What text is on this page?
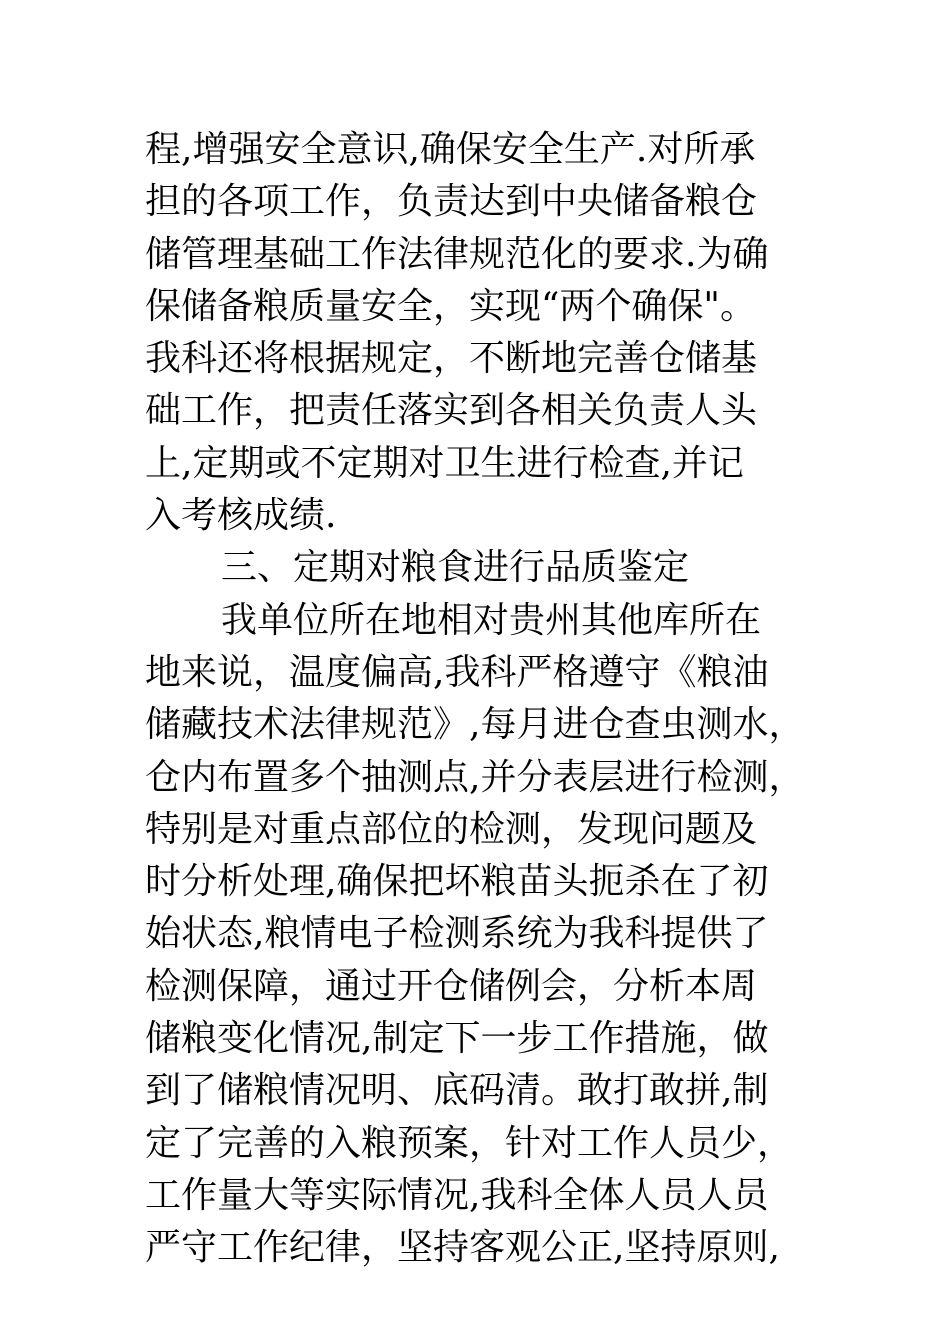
程,增强安全意识,确保安全生产.对所承
担的各项工作，负责达到中央储备粮仓
储管理基础工作法律规范化的要求.为确
保储备粮质量安全，实现“两个确保"。
我科还将根据规定，不断地完善仓储基
础工作，把责任落实到各相关负责人头
上,定期或不定期对卫生进行检查,并记
入考核成绩.
三、定期对粮食进行品质鉴定
我单位所在地相对贵州其他库所在
地来说，温度偏高,我科严格遵守《粮油
储藏技术法律规范》,每月进仓查虫测水，
仓内布置多个抽测点,并分表层进行检测，
特别是对重点部位的检测，发现问题及
时分析处理,确保把坏粮苗头扼杀在了初
始状态,粮情电子检测系统为我科提供了
检测保障，通过开仓储例会，分析本周
储粮变化情况,制定下一步工作措施，做
到了储粮情况明、底码清。敢打敢拼,制
定了完善的入粮预案，针对工作人员少，
工作量大等实际情况,我科全体人员人员
严守工作纪律，坚持客观公正,坚持原则,
